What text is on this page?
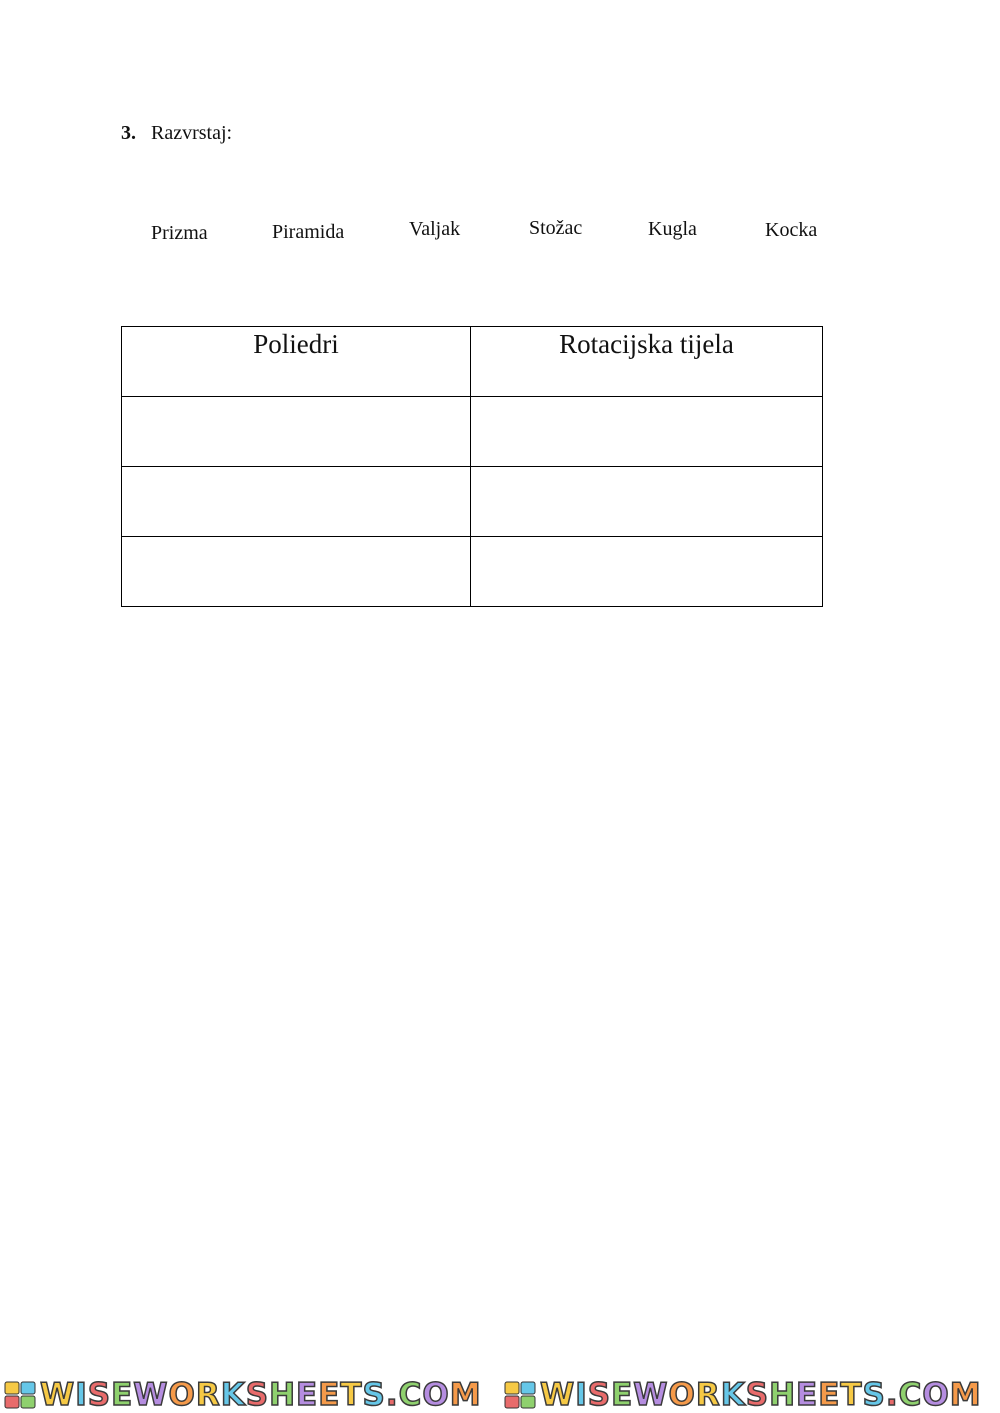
3. Razvrstaj:
Prizma	Piramida	Valjak	Stožac	Kugla	Kocka
Poliedri	Rotacijska tijela

WISEWORKSHEETS.COM WISEWORKSHEETS.COM
